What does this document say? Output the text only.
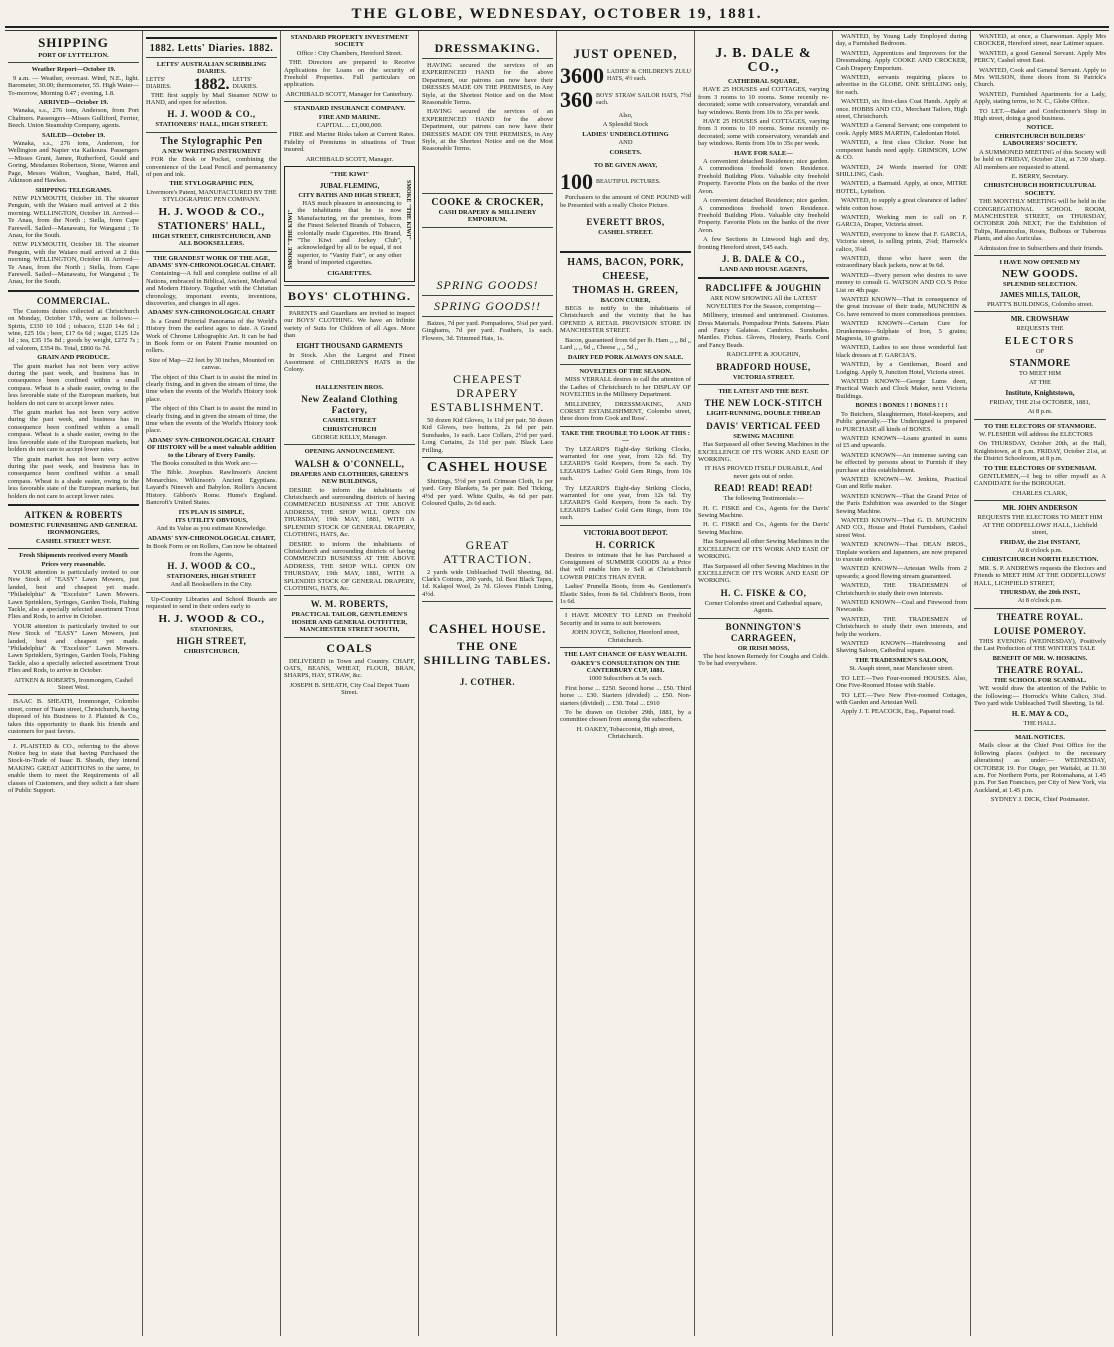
THE GLOBE, WEDNESDAY, OCTOBER 19, 1881.
SHIPPING
PORT OF LYTTELTON.
Weather Report—October 19.

9 a.m. — Weather, overcast. Wind, N.E., light. Barometer, 30.00; thermometer, 55. High Water—To-morrow, Morning 0.47 ; evening, 1.8.

ARRIVED—October 19.

Wanaka, s.s., 276 tons, Anderson, from Port Chalmers. Passengers—Misses Gulliford, Ferrier, Beech. Union Steamship Company, agents.

SAILED—October 19.

Wanaka, s.s., 276 tons, Anderson, for Wellington and Napier via Kaikoura. Passengers—Misses Grant, Jamee, Rutherford, Gould and Goring, Mesdames Robertson, Stone, Warren and Page, Messrs Walton, Vaughan, Baird, Hall, Atkinson and Hawkes.

SHIPPING TELEGRAMS.

NEW PLYMOUTH, October 18. The steamer Penguin, with the Waiaro mail arrived at 2 this morning. WELLINGTON, October 18. Arrived—Te Anau, from the North ; Stella, from Cape Farewell. Sailed—Manawatu, for Wanganui ; Te Anau, for the South.

NEW PLYMOUTH, October 18. The steamer Penguin, with the Waiaro mail arrived at 2 this morning. WELLINGTON, October 18. Arrived—Te Anau, from the North ; Stella, from Cape Farewell. Sailed—Manawatu, for Wanganui ; Te Anau, for the South.

COMMERCIAL.

The Customs duties collected at Christchurch on Monday, October 17th, were as follows:—Spirits, £330 10 10d ; tobacco, £120 14s 6d ; wine, £25 10s ; beer, £17 6s 6d ; sugar, £125 12s 1d ; tea, £35 15s 8d ; goods by weight, £272 7s ; ad valorem, £354 8s. Total, £860 6s 7d.

GRAIN AND PRODUCE.

The grain market has not been very active during the past week, and business has in consequence been confined within a small compass. Wheat is a shade easier, owing to the less favorable state of the European markets, but holders do not care to accept lower rates.

The grain market has not been very active during the past week, and business has in consequence been confined within a small compass. Wheat is a shade easier, owing to the less favorable state of the European markets, but holders do not care to accept lower rates.

The grain market has not been very active during the past week, and business has in consequence been confined within a small compass. Wheat is a shade easier, owing to the less favorable state of the European markets, but holders do not care to accept lower rates.

AITKEN & ROBERTS
DOMESTIC FURNISHING AND GENERAL IRONMONGERS,
CASHEL STREET WEST.
Fresh Shipments received every Month
Prices very reasonable.

YOUR attention is particularly invited to our New Stock of "EASY" Lawn Mowers, just landed, best and cheapest yet made. "Philadelphia" & "Excelsior" Lawn Mowers. Lawn Sprinklers, Syringes, Garden Tools, Fishing Tackle, also a specially selected assortment Trout Flies and Rods, to arrive in October.

YOUR attention is particularly invited to our New Stock of "EASY" Lawn Mowers, just landed, best and cheapest yet made. "Philadelphia" & "Excelsior" Lawn Mowers. Lawn Sprinklers, Syringes, Garden Tools, Fishing Tackle, also a specially selected assortment Trout Flies and Rods, to arrive in October.

AITKEN & ROBERTS, Ironmongers, Cashel Street West.

ISAAC B. SHEATH, Ironmonger, Colombo street, corner of Tuam street, Christchurch, having disposed of his Business to J. Plaisted & Co., takes this opportunity to thank his friends and customers for past favors.

J. PLAISTED & CO., referring to the above Notice beg to state that having Purchased the Stock-in-Trade of Isaac B. Sheath, they intend MAKING GREAT ADDITIONS to the same, to enable them to meet the Requirements of all classes of Customers, and they solicit a fair share of Public Support.

1882. Letts' Diaries. 1882.
LETTS' AUSTRALIAN SCRIBBLING DIARIES.
LETTS' DIARIES.	1882. LETTS' DIARIES.

THE first supply by Mail Steamer NOW to HAND, and open for selection.

H. J. WOOD & CO.,
STATIONERS' HALL, HIGH STREET.
The Stylographic Pen
A NEW WRITING INSTRUMENT

FOR the Desk or Pocket, combining the convenience of the Lead Pencil and permanency of pen and ink.

THE STYLOGRAPHIC PEN,

Livermore's Patent, MANUFACTURED BY THE STYLOGRAPHIC PEN COMPANY.

H. J. WOOD & CO.,
STATIONERS' HALL,
HIGH STREET, CHRISTCHURCH, AND ALL BOOKSELLERS.
THE GRANDEST WORK OF THE AGE, ADAMS' SYN-CHRONOLOGICAL CHART.

Containing—A full and complete outline of all Nations, embraced in Biblical, Ancient, Mediæval and Modern History. Together with the Christian chronology, important events, inventions, discoveries, and changes in all ages.

ADAMS' SYN-CHRONOLOGICAL CHART

Is a Grand Pictorial Panorama of the World's History from the earliest ages to date. A Grand Work of Chrome Lithographic Art. It can be had in Book form or on Patent Frame mounted on rollers.

Size of Map—22 feet by 30 inches, Mounted on canvas.

The object of this Chart is to assist the mind in clearly fixing, and in given the stream of time, the time when the events of the World's History took place.

The object of this Chart is to assist the mind in clearly fixing, and in given the stream of time, the time when the events of the World's History took place.

ADAMS' SYN-CHRONOLOGICAL CHART OF HISTORY will be a most valuable addition to the Library of Every Family.

The Books consulted in this Work are:—

The Bible. Josephus. Rawlinson's Ancient Monarchies. Wilkinson's Ancient Egyptians. Layard's Nineveh and Babylon. Rollin's Ancient History. Gibbon's Rome. Hume's England. Bancroft's United States.

ITS PLAN IS SIMPLE,
ITS UTILITY OBVIOUS,

And its Value as you estimate Knowledge.

ADAMS' SYN-CHRONOLOGICAL CHART,

In Book Form or on Rollers, Can now be obtained from the Agents,

H. J. WOOD & CO.,
STATIONERS, HIGH STREET

And all Booksellers in the City.

Up-Country Libraries and School Boards are requested to send in their orders early to

H. J. WOOD & CO.,
STATIONERS,
HIGH STREET,
CHRISTCHURCH,
STANDARD PROPERTY INVESTMENT SOCIETY

Office : City Chambers, Hereford Street.

THE Directors are prepared to Receive Applications for Loans on the security of Freehold Properties. Full particulars on application.

ARCHIBALD SCOTT, Manager for Canterbury.

STANDARD INSURANCE COMPANY.
FIRE AND MARINE.

CAPITAL ... £1,000,000.

FIRE and Marine Risks taken at Current Rates. Fidelity of Premiums in situations of Trust insured.

ARCHIBALD SCOTT, Manager.

"THE KIWI"
SMOKE "THE KIWI"
JUBAL FLEMING,
CITY BATHS AND HIGH STREET,

HAS much pleasure in announcing to the inhabitants that he is now Manufacturing, on the premises, from the Finest Selected Brands of Tobacco, colonially made Cigarettes. His Brand, "The Kiwi and Jockey Club", acknowledged by all to be equal, if not superior, to "Vanity Fair", or any other brand of imported cigarettes.

SMOKE "THE KIWI"
CIGARETTES.
BOYS' CLOTHING.

PARENTS and Guardians are invited to inspect our BOYS' CLOTHING. We have an Infinite variety of Suits for Children of all Ages. More than

EIGHT THOUSAND GARMENTS

In Stock. Also the Largest and Finest Assortment of CHILDREN'S HATS in the Colony.

HALLENSTEIN BROS.
New Zealand Clothing Factory,
CASHEL STREET
CHRISTCHURCH

GEORGE KELLY, Manager.

OPENING ANNOUNCEMENT.
WALSH & O'CONNELL,
DRAPERS AND CLOTHIERS, GREEN'S NEW BUILDINGS,

DESIRE to inform the inhabitants of Christchurch and surrounding districts of having COMMENCED BUSINESS AT THE ABOVE ADDRESS, THE SHOP WILL OPEN ON THURSDAY, 19th MAY, 1881, WITH A SPLENDID STOCK OF GENERAL DRAPERY, CLOTHING, HATS, &c.

DESIRE to inform the inhabitants of Christchurch and surrounding districts of having COMMENCED BUSINESS AT THE ABOVE ADDRESS, THE SHOP WILL OPEN ON THURSDAY, 19th MAY, 1881, WITH A SPLENDID STOCK OF GENERAL DRAPERY, CLOTHING, HATS, &c.

W. M. ROBERTS,
PRACTICAL TAILOR, GENTLEMEN'S HOSIER AND GENERAL OUTFITTER, MANCHESTER STREET SOUTH,
COALS

DELIVERED in Town and Country. CHAFF, OATS, BEANS, WHEAT, FLOUR, BRAN, SHARPS, HAY, STRAW, &c.

JOSEPH B. SHEATH, City Coal Depot Tuam Street.

DRESSMAKING.

HAVING secured the services of an EXPERIENCED HAND for the above Department, our patrons can now have their DRESSES MADE ON THE PREMISES, in Any Style, at the Shortest Notice and on the Most Reasonable Terms.

HAVING secured the services of an EXPERIENCED HAND for the above Department, our patrons can now have their DRESSES MADE ON THE PREMISES, in Any Style, at the Shortest Notice and on the Most Reasonable Terms.

COOKE & CROCKER,
CASH DRAPERY & MILLINERY EMPORIUM.
SPRING GOODS!
SPRING GOODS!!

Baizes, 7d per yard. Pompadores, 5¼d per yard. Ginghams, 7d per yard. Feathers, 1s each. Flowers, 3d. Trimmed Hats, 1s.

CHEAPEST DRAPERY ESTABLISHMENT.

50 dozen Kid Gloves, 1s 11d per pair. 50 dozen Kid Gloves, two buttons, 2s 6d per pair. Sunshades, 1s each. Lace Collars, 2½d per yard. Long Curtains, 2s 11d per pair. Black Lace Frilling.

CASHEL HOUSE

Shirtings, 5½d per yard. Crimean Cloth, 1s per yard. Grey Blankets, 5s per pair. Bed Ticking, 4½d per yard. White Quilts, 4s 6d per pair. Coloured Quilts, 2s 6d each.

GREAT ATTRACTION.

2 yards wide Unbleached Twill Sheeting, 8d. Clark's Cottons, 200 yards, 1d. Best Black Tapes, 1d. Kalapol Wool, 2s 7d. Gloves Finish Lining, 4½d.

CASHEL HOUSE.
THE ONE SHILLING TABLES.
J. COTHER.
JUST OPENED,
3600 LADIES' & CHILDREN'S ZULU HATS, 4½ each.
360 BOYS' STRAW SAILOR HATS, 7½d each.

Also,

A Splendid Stock

LADIES' UNDERCLOTHING

AND

CORSETS.
TO BE GIVEN AWAY,
100 BEAUTIFUL PICTURES.

Purchasers to the amount of ONE POUND will be Presented with a really Choice Picture.

EVERETT BROS,
CASHEL STREET.
HAMS, BACON, PORK,
CHEESE,
THOMAS H. GREEN,
BACON CURER,

BEGS to notify to the inhabitants of Christchurch and the vicinity that he has OPENED A RETAIL PROVISION STORE IN MANCHESTER STREET.

Bacon, guaranteed from 6d per lb. Ham ,, ,, 8d ,, Lard ,, ,, 6d ,, Cheese ,, ,, 5d ,,

DAIRY FED PORK ALWAYS ON SALE.
NOVELTIES OF THE SEASON.

MISS VERRALL desires to call the attention of the Ladies of Christchurch to her DISPLAY OF NOVELTIES in the Millinery Department.

MILLINERY, DRESSMAKING, AND CORSET ESTABLISHMENT, Colombo street, three doors from Cook and Ross'.

TAKE THE TROUBLE TO LOOK AT THIS :—

Try LEZARD'S Eight-day Striking Clocks, warranted for one year, from 12s 6d. Try LEZARD'S Gold Keepers, from 5s each. Try LEZARD'S Ladies' Gold Gem Rings, from 10s each.

Try LEZARD'S Eight-day Striking Clocks, warranted for one year, from 12s 6d. Try LEZARD'S Gold Keepers, from 5s each. Try LEZARD'S Ladies' Gold Gem Rings, from 10s each.

VICTORIA BOOT DEPOT.
H. CORRICK

Desires to intimate that he has Purchased a Consignment of SUMMER GOODS At a Price that will enable him to Sell at Christchurch LOWER PRICES THAN EVER.

Ladies' Prunella Boots, from 4s. Gentlemen's Elastic Sides, from 8s 6d. Children's Boots, from 1s 6d.

I HAVE MONEY TO LEND on Freehold Security and in sums to suit borrowers.

JOHN JOYCE, Solicitor, Hereford street, Christchurch.

THE LAST CHANCE OF EASY WEALTH.
OAKEY'S CONSULTATION ON THE CANTERBURY CUP, 1881.

1000 Subscribers at 5s each.

First horse ... £250. Second horse ... £50. Third horse ... £30. Starters (divided) ... £50. Non-starters (divided) ... £30. Total ... £910

To be drawn on October 29th, 1881, by a committee chosen from among the subscribers.

H. OAKEY, Tobacconist, High street, Christchurch.

J. B. DALE & CO.,
CATHEDRAL SQUARE,

HAVE 25 HOUSES and COTTAGES, varying from 3 rooms to 10 rooms. Some recently re-decorated; some with conservatory, verandah and bay windows. Rents from 10s to 35s per week.

HAVE 25 HOUSES and COTTAGES, varying from 3 rooms to 10 rooms. Some recently re-decorated; some with conservatory, verandah and bay windows. Rents from 10s to 35s per week.

HAVE FOR SALE—

A convenient detached Residence; nice garden. A commodious freehold town Residence. Freehold Building Plots. Valuable city freehold Property. Favorite Plots on the banks of the river Avon.

A convenient detached Residence; nice garden. A commodious freehold town Residence. Freehold Building Plots. Valuable city freehold Property. Favorite Plots on the banks of the river Avon.

A few Sections in Linwood high and dry, fronting Hereford street, £45 each.

J. B. DALE & CO.,
LAND AND HOUSE AGENTS,
RADCLIFFE & JOUGHIN

ARE NOW SHOWING All the LATEST NOVELTIES For the Season, comprising—

Millinery, trimmed and untrimmed. Costumes. Dress Materials. Pompadour Prints. Sateens. Plain and Fancy Galateas. Cambrics. Sunshades. Mantles. Fichus. Gloves, Hosiery, Pearls. Cord and Fancy Beads.

RADCLIFFE & JOUGHIN,

BRADFORD HOUSE,
VICTORIA STREET.
THE LATEST AND THE BEST.
THE NEW LOCK-STITCH
LIGHT-RUNNING, DOUBLE THREAD
DAVIS' VERTICAL FEED
SEWING MACHINE

Has Surpassed all other Sewing Machines in the EXCELLENCE OF ITS WORK AND EASE OF WORKING.

IT HAS PROVED ITSELF DURABLE, And never gets out of order.

READ! READ! READ!

The following Testimonials:—

H. C. FISKE and Co., Agents for the Davis' Sewing Machine.

H. C. FISKE and Co., Agents for the Davis' Sewing Machine.

Has Surpassed all other Sewing Machines in the EXCELLENCE OF ITS WORK AND EASE OF WORKING.

Has Surpassed all other Sewing Machines in the EXCELLENCE OF ITS WORK AND EASE OF WORKING.

H. C. FISKE & CO,

Corner Colombo street and Cathedral square, Agents.

BONNINGTON'S CARRAGEEN,
OR IRISH MOSS,

The best known Remedy for Coughs and Colds. To be had everywhere.

WANTED, by Young Lady Employed during day, a Furnished Bedroom.

WANTED, Apprentices and Improvers for the Dressmaking. Apply COOKE AND CROCKER, Cash Drapery Emporium.

WANTED, servants requiring places to advertise in the GLOBE. ONE SHILLING only, for each.

WANTED, six first-class Coat Hands. Apply at once. HOBBS AND CO., Merchant Tailors, High street, Christchurch.

WANTED a General Servant; one competent to cook. Apply MRS MARTIN, Caledonian Hotel.

WANTED, a first class Clicker. None but competent hands need apply. GRIMSON, LOW & CO.

WANTED, 24 Words inserted for ONE SHILLING, Cash.

WANTED, a Barmaid. Apply, at once, MITRE HOTEL, Lyttelton.

WANTED, to supply a great clearance of ladies' white cotton hose.

WANTED, Working men to call on F. GARCIA, Draper, Victoria street.

WANTED, everyone to know that F. GARCIA, Victoria street, is selling prints, 2¼d; Harrock's calico, 3¼d.

WANTED, those who have seen the extraordinary black jackets, now at 9s 6d.

WANTED—Every person who desires to save money to consult G. WATSON AND CO.'S Price List on 4th page.

WANTED KNOWN—That in consequence of the great increase of their trade, MUNCHIN & Co. have removed to more commodious premises.

WANTED KNOWN—Certain Cure for Drunkenness—Sulphate of Iron, 5 grains; Magnesia, 10 grains.

WANTED, Ladies to see those wonderful fast black dresses at F. GARCIA'S.

WANTED, by a Gentleman, Board and Lodging. Apply 9, Junction Hotel, Victoria street.

WANTED KNOWN—George Lums deen, Practical Watch and Clock Maker, next Victoria Buildings.

BONES ! BONES ! ! BONES ! ! !

To Butchers, Slaughtermen, Hotel-keepers, and Public generally.—The Undersigned is prepared to PURCHASE all kinds of BONES.

WANTED KNOWN—Loans granted in sums of £5 and upwards.

WANTED KNOWN—An immense saving can be effected by persons about to Furnish if they purchase at this establishment.

WANTED KNOWN—W. Jenkins, Practical Gun and Rifle maker.

WANTED KNOWN—That the Grand Prize of the Paris Exhibition was awarded to the Singer Sewing Machine.

WANTED KNOWN—That G. D. MUNCHIN AND CO., House and Hotel Furnishers, Cashel street West.

WANTED KNOWN—That DEAN BROS., Tinplate workers and Japanners, are now prepared to execute orders.

WANTED KNOWN—Artesian Wells from 2 upwards; a good flowing stream guaranteed.

WANTED, THE TRADESMEN of Christchurch to study their own interests.

WANTED KNOWN—Coal and Firewood from Newcastle.

WANTED, THE TRADESMEN of Christchurch to study their own interests, and help the workers.

WANTED KNOWN—Hairdressing and Shaving Saloon, Cathedral square.

THE TRADESMEN'S SALOON,

St. Asaph street, near Manchester street.

TO LET.—Two Four-roomed HOUSES. Also, One Five-Roomed House with Stable.

TO LET.—Two New Five-roomed Cottages, with Garden and Artesian Well.

Apply J. T. PEACOCK, Esq., Papanui road.

WANTED, at once, a Charwoman. Apply Mrs CROCKER, Hereford street, near Latimer square.

WANTED, a good General Servant. Apply Mrs PERCY, Cashel street East.

WANTED, Cook and General Servant. Apply to Mrs WILSON, three doors from St Patrick's Church.

WANTED, Furnished Apartments for a Lady, Apply, stating terms, to N. C., Globe Office.

TO LET.—Baker and Confectioner's Shop in High street, doing a good business.

NOTICE.
CHRISTCHURCH BUILDERS' LABOURERS' SOCIETY.

A SUMMONED MEETING of this Society will be held on FRIDAY, October 21st, at 7.30 sharp. All members are requested to attend.

E. BERRY, Secretary.

CHRISTCHURCH HORTICULTURAL SOCIETY.

THE MONTHLY MEETING will be held in the CONGREGATIONAL SCHOOL ROOM, MANCHESTER STREET, on THURSDAY, OCTOBER 20th NEXT, For the Exhibition of Tulips, Ranunculus, Roses, Bulbous or Tuberous Plants, and also Auriculas.

Admission free to Subscribers and their friends.

I HAVE NOW OPENED MY
NEW GOODS.
SPLENDID SELECTION.
JAMES MILLS, TAILOR,

PRATT'S BUILDINGS, Colombo street.

MR. CROWSHAW

REQUESTS THE

ELECTORS

OF

STANMORE

TO MEET HIM

AT THE

Institute, Knightstown,

FRIDAY, THE 21st OCTOBER, 1881,

At 8 p.m.

TO THE ELECTORS OF STANMORE.

W. FLESHER will address the ELECTORS

On THURSDAY, October 20th, at the Hall, Knightstown, at 8 p.m. FRIDAY, October 21st, at the District Schoolroom, at 8 p.m.

TO THE ELECTORS OF SYDENHAM.

GENTLEMEN,—I beg to offer myself as A CANDIDATE for the BOROUGH.

CHARLES CLARK,

MR. JOHN ANDERSON

REQUESTS THE ELECTORS TO MEET HIM AT THE ODDFELLOWS' HALL, Lichfield street,

FRIDAY, the 21st INSTANT,

At 8 o'clock p.m.

CHRISTCHURCH NORTH ELECTION.

MR. S. P. ANDREWS requests the Electors and Friends to MEET HIM AT THE ODDFELLOWS' HALL, LICHFIELD STREET,

THURSDAY, the 20th INST.,

At 8 o'clock p.m.

THEATRE ROYAL.
LOUISE POMEROY.

THIS EVENING (WEDNESDAY), Positively the Last Production of THE WINTER'S TALE

BENEFIT OF MR. W. HOSKINS.
THEATRE ROYAL.
THE SCHOOL FOR SCANDAL.

WE would draw the attention of the Public to the following:— Horrock's White Calico, 3¼d. Two yard wide Unbleached Twill Sheeting, 1s 6d.

H. E. MAY & CO.,

THE HALL.

MAIL NOTICES.

Mails close at the Chief Post Office for the following places (subject to the necessary alterations) as under:— WEDNESDAY, OCTOBER 19. For Otago, per Waitaki, at 11.30 a.m. For Northern Ports, per Rotomahana, at 1.45 p.m. For San Francisco, per City of New York, via Auckland, at 1.45 p.m.

SYDNEY J. DICK, Chief Postmaster.
